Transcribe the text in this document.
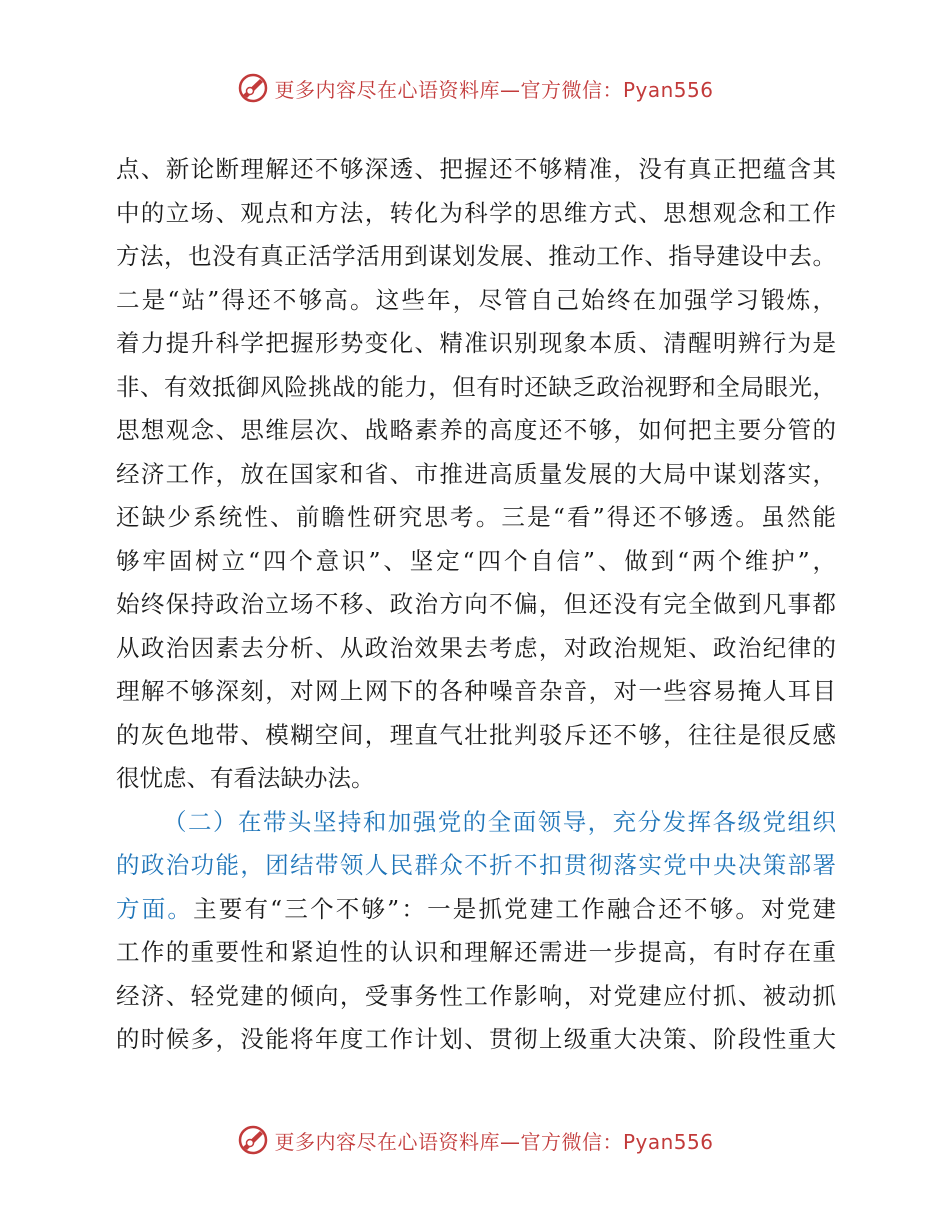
更多内容尽在心语资料库—官方微信：Pyan556
点、新论断理解还不够深透、把握还不够精准，没有真正把蕴含其
中的立场、观点和方法，转化为科学的思维方式、思想观念和工作
方法，也没有真正活学活用到谋划发展、推动工作、指导建设中去。
二是“站”得还不够高。这些年，尽管自己始终在加强学习锻炼，
着力提升科学把握形势变化、精准识别现象本质、清醒明辨行为是
非、有效抵御风险挑战的能力，但有时还缺乏政治视野和全局眼光，
思想观念、思维层次、战略素养的高度还不够，如何把主要分管的
经济工作，放在国家和省、市推进高质量发展的大局中谋划落实，
还缺少系统性、前瞻性研究思考。三是“看”得还不够透。虽然能
够牢固树立“四个意识”、坚定“四个自信”、做到“两个维护”，
始终保持政治立场不移、政治方向不偏，但还没有完全做到凡事都
从政治因素去分析、从政治效果去考虑，对政治规矩、政治纪律的
理解不够深刻，对网上网下的各种噪音杂音，对一些容易掩人耳目
的灰色地带、模糊空间，理直气壮批判驳斥还不够，往往是很反感
很忧虑、有看法缺办法。
（二）在带头坚持和加强党的全面领导，充分发挥各级党组织
的政治功能，团结带领人民群众不折不扣贯彻落实党中央决策部署
方面。主要有“三个不够”：一是抓党建工作融合还不够。对党建
工作的重要性和紧迫性的认识和理解还需进一步提高，有时存在重
经济、轻党建的倾向，受事务性工作影响，对党建应付抓、被动抓
的时候多，没能将年度工作计划、贯彻上级重大决策、阶段性重大
更多内容尽在心语资料库—官方微信：Pyan556
